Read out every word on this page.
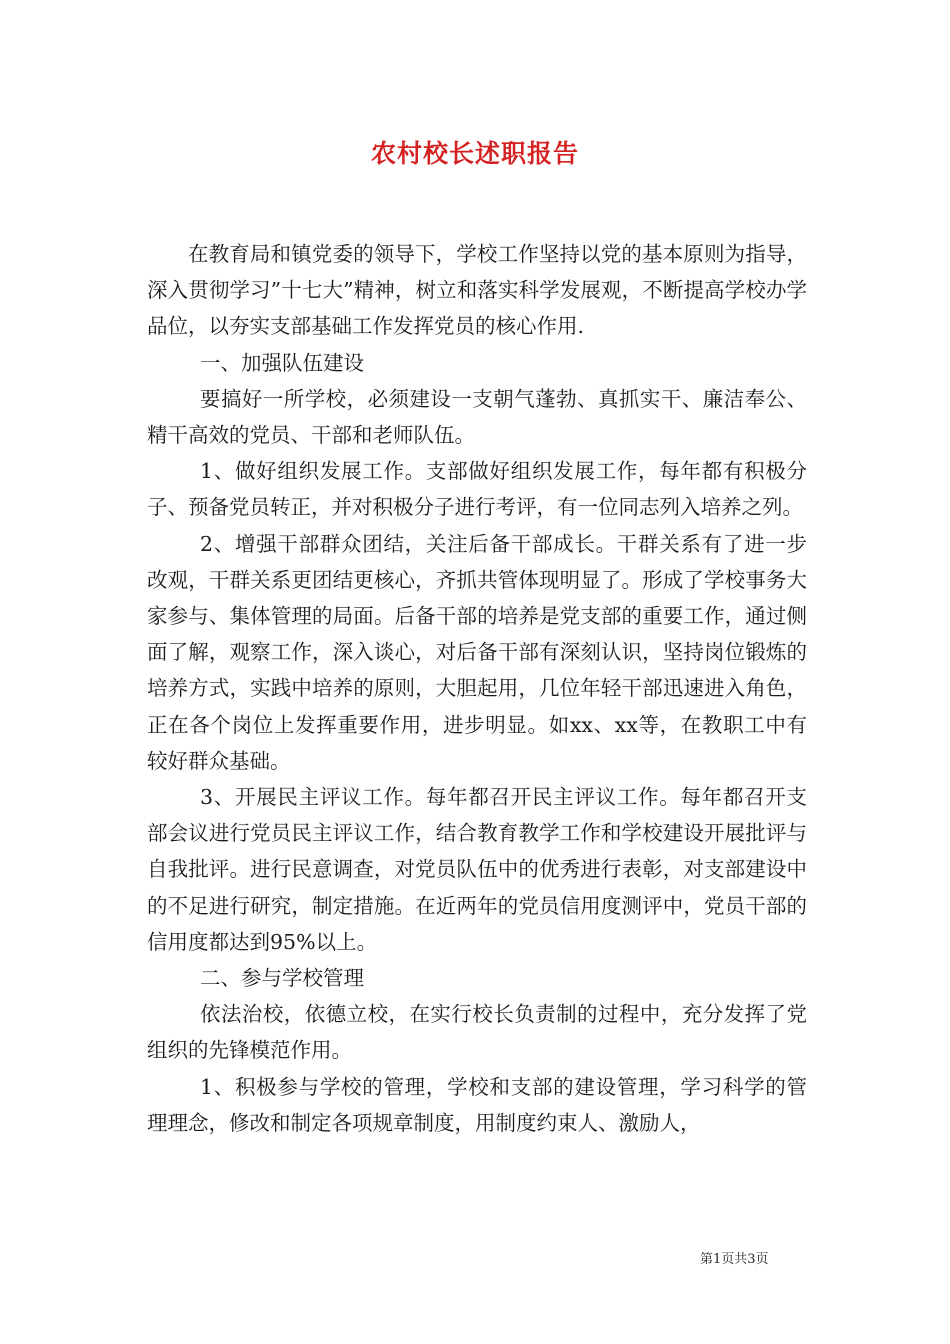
农村校长述职报告

在教育局和镇党委的领导下，学校工作坚持以党的基本原则为指导，深入贯彻学习”十七大”精神，树立和落实科学发展观，不断提高学校办学品位，以夯实支部基础工作发挥党员的核心作用.

一、加强队伍建设

要搞好一所学校，必须建设一支朝气蓬勃、真抓实干、廉洁奉公、精干高效的党员、干部和老师队伍。

1、做好组织发展工作。支部做好组织发展工作，每年都有积极分子、预备党员转正，并对积极分子进行考评，有一位同志列入培养之列。

2、增强干部群众团结，关注后备干部成长。干群关系有了进一步改观，干群关系更团结更核心，齐抓共管体现明显了。形成了学校事务大家参与、集体管理的局面。后备干部的培养是党支部的重要工作，通过侧面了解，观察工作，深入谈心，对后备干部有深刻认识，坚持岗位锻炼的培养方式，实践中培养的原则，大胆起用，几位年轻干部迅速进入角色，正在各个岗位上发挥重要作用，进步明显。如xx、xx等，在教职工中有较好群众基础。

3、开展民主评议工作。每年都召开民主评议工作。每年都召开支部会议进行党员民主评议工作，结合教育教学工作和学校建设开展批评与自我批评。进行民意调查，对党员队伍中的优秀进行表彰，对支部建设中的不足进行研究，制定措施。在近两年的党员信用度测评中，党员干部的信用度都达到95%以上。

二、参与学校管理

依法治校，依德立校，在实行校长负责制的过程中，充分发挥了党组织的先锋模范作用。

1、积极参与学校的管理，学校和支部的建设管理，学习科学的管理理念，修改和制定各项规章制度，用制度约束人、激励人，

第1页共3页
